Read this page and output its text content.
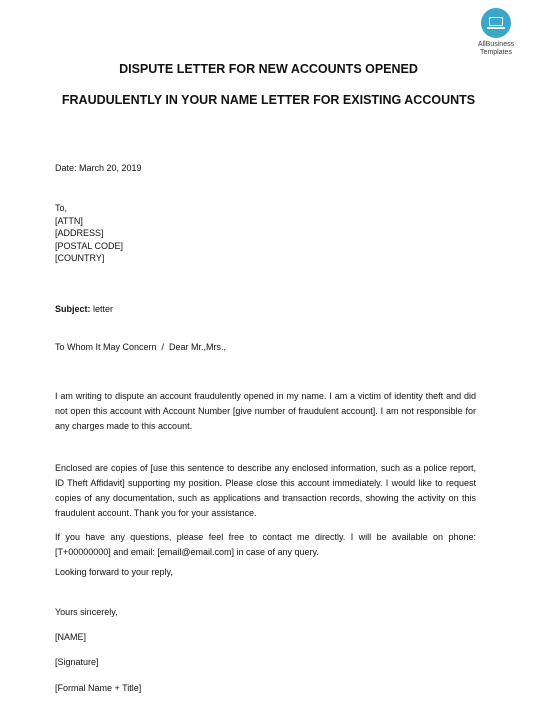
AllBusiness
Templates
DISPUTE LETTER FOR NEW ACCOUNTS OPENED
FRAUDULENTLY IN YOUR NAME LETTER FOR EXISTING ACCOUNTS
Date: March 20, 2019
To,
[ATTN]
[ADDRESS]
[POSTAL CODE]
[COUNTRY]
Subject: letter
To Whom It May Concern  /  Dear Mr.,Mrs.,
I am writing to dispute an account fraudulently opened in my name. I am a victim of identity theft and did not open this account with Account Number [give number of fraudulent account]. I am not responsible for any charges made to this account.
Enclosed are copies of [use this sentence to describe any enclosed information, such as a police report, ID Theft Affidavit] supporting my position. Please close this account immediately. I would like to request copies of any documentation, such as applications and transaction records, showing the activity on this fraudulent account. Thank you for your assistance.
If you have any questions, please feel free to contact me directly. I will be available on phone: [T+00000000] and email: [email@email.com] in case of any query.
Looking forward to your reply,
Yours sincerely,
[NAME]
[Signature]
[Formal Name + Title]
